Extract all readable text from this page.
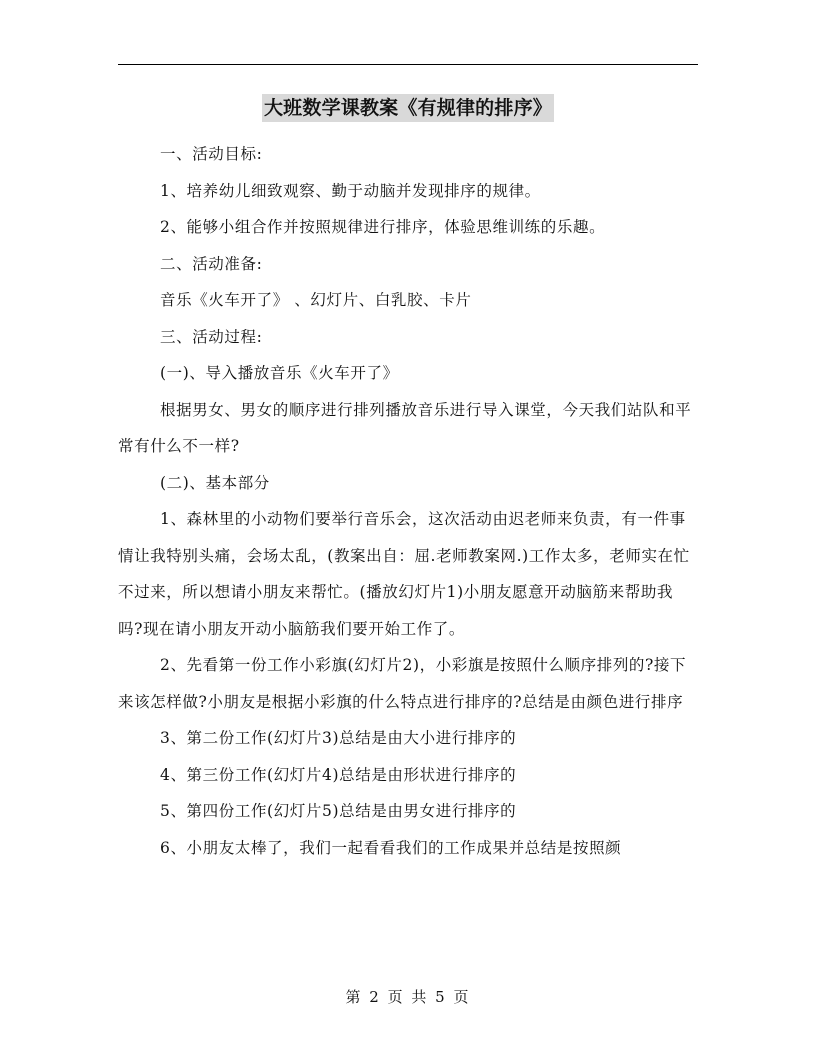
大班数学课教案《有规律的排序》

一、活动目标:

1、培养幼儿细致观察、勤于动脑并发现排序的规律。

2、能够小组合作并按照规律进行排序，体验思维训练的乐趣。

二、活动准备:

音乐《火车开了》 、幻灯片、白乳胶、卡片

三、活动过程:

(一)、导入播放音乐《火车开了》

根据男女、男女的顺序进行排列播放音乐进行导入课堂，今天我们站队和平常有什么不一样?

(二)、基本部分

1、森林里的小动物们要举行音乐会，这次活动由迟老师来负责，有一件事情让我特别头痛，会场太乱，(教案出自：屈.老师教案网.)工作太多，老师实在忙不过来，所以想请小朋友来帮忙。(播放幻灯片1)小朋友愿意开动脑筋来帮助我吗?现在请小朋友开动小脑筋我们要开始工作了。

2、先看第一份工作小彩旗(幻灯片2)，小彩旗是按照什么顺序排列的?接下来该怎样做?小朋友是根据小彩旗的什么特点进行排序的?总结是由颜色进行排序

3、第二份工作(幻灯片3)总结是由大小进行排序的

4、第三份工作(幻灯片4)总结是由形状进行排序的

5、第四份工作(幻灯片5)总结是由男女进行排序的

6、小朋友太棒了，我们一起看看我们的工作成果并总结是按照颜

第 2 页 共 5 页
